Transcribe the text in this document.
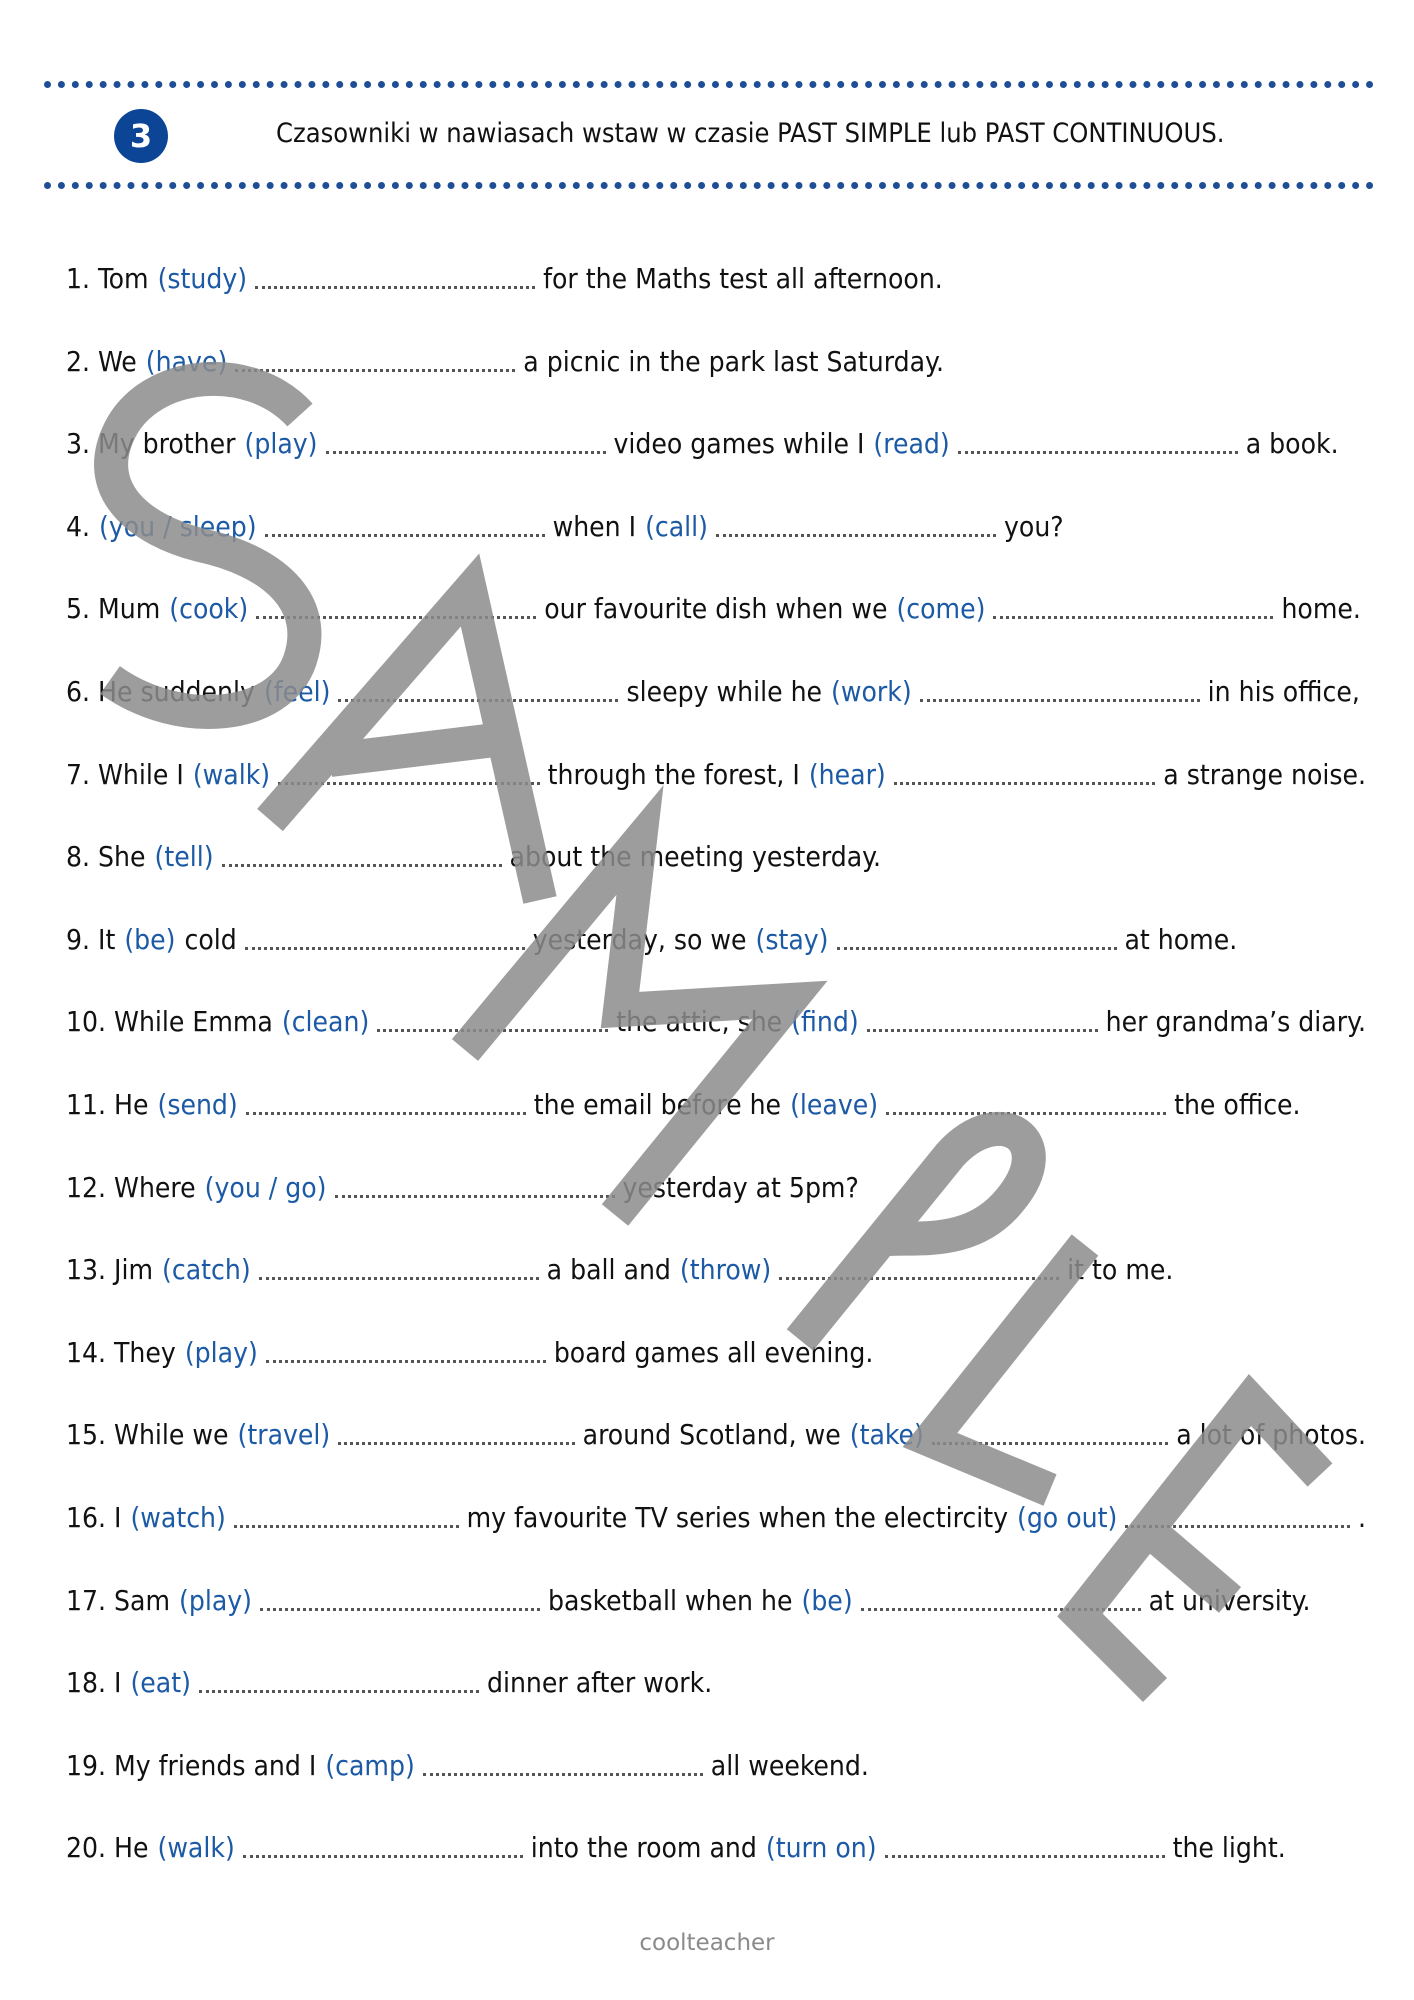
3	Czasowniki w nawiasach wstaw w czasie PAST SIMPLE lub PAST CONTINUOUS.
1. Tom (study)	for the Maths test all afternoon.
2. We (have)	a picnic in the park last Saturday.
3. My brother (play)	video games while I (read)	a book.
4. (you / sleep)	when I (call)	you?
5. Mum (cook)	our favourite dish when we (come)	home.
6. He suddenly (feel)	sleepy while he (work)	in his office,
7. While I (walk)	through the forest, I (hear)	a strange noise.
8. She (tell)	about the meeting yesterday.
9. It (be) cold	yesterday, so we (stay)	at home.
10. While Emma (clean)	the attic, she (find)	her grandma’s diary.
11. He (send)	the email before he (leave)	the office.
12. Where (you / go)	yesterday at 5pm?
13. Jim (catch)	a ball and (throw)	it to me.
14. They (play)	board games all evening.
15. While we (travel)	around Scotland, we (take)	a lot of photos.
16. I (watch)	my favourite TV series when the electircity (go out)	.
17. Sam (play)	basketball when he (be)	at university.
18. I (eat)	dinner after work.
19. My friends and I (camp)	all weekend.
20. He (walk)	into the room and (turn on)	the light.
coolteacher
